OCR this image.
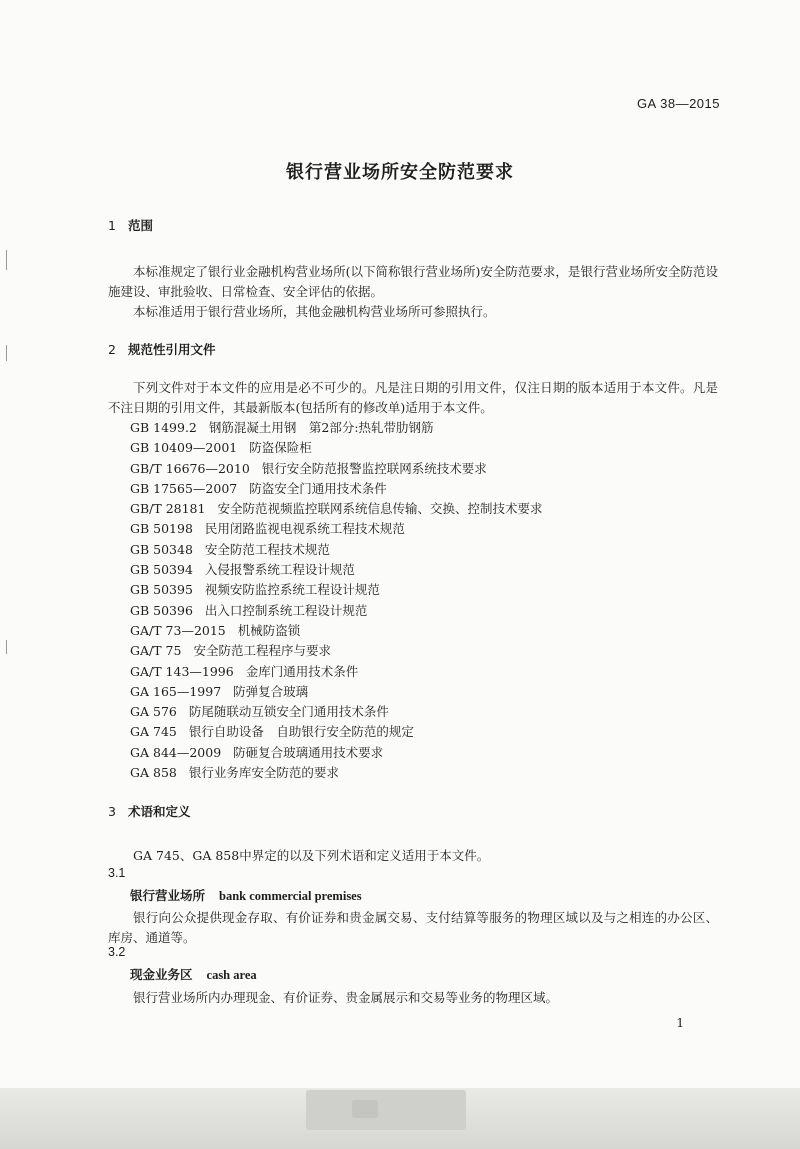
GA 38—2015
银行营业场所安全防范要求
1 范围
本标准规定了银行业金融机构营业场所(以下简称银行营业场所)安全防范要求，是银行营业场所安全防范设施建设、审批验收、日常检查、安全评估的依据。
本标准适用于银行营业场所，其他金融机构营业场所可参照执行。
2 规范性引用文件
下列文件对于本文件的应用是必不可少的。凡是注日期的引用文件，仅注日期的版本适用于本文件。凡是不注日期的引用文件，其最新版本(包括所有的修改单)适用于本文件。
GB 1499.2 钢筋混凝土用钢　第2部分:热轧带肋钢筋
GB 10409—2001 防盗保险柜
GB/T 16676—2010 银行安全防范报警监控联网系统技术要求
GB 17565—2007 防盗安全门通用技术条件
GB/T 28181 安全防范视频监控联网系统信息传输、交换、控制技术要求
GB 50198 民用闭路监视电视系统工程技术规范
GB 50348 安全防范工程技术规范
GB 50394 入侵报警系统工程设计规范
GB 50395 视频安防监控系统工程设计规范
GB 50396 出入口控制系统工程设计规范
GA/T 73—2015 机械防盗锁
GA/T 75 安全防范工程程序与要求
GA/T 143—1996 金库门通用技术条件
GA 165—1997 防弹复合玻璃
GA 576 防尾随联动互锁安全门通用技术条件
GA 745 银行自助设备　自助银行安全防范的规定
GA 844—2009 防砸复合玻璃通用技术要求
GA 858 银行业务库安全防范的要求
3 术语和定义
GA 745、GA 858中界定的以及下列术语和定义适用于本文件。
3.1
银行营业场所 bank commercial premises
银行向公众提供现金存取、有价证券和贵金属交易、支付结算等服务的物理区域以及与之相连的办公区、库房、通道等。
3.2
现金业务区 cash area
银行营业场所内办理现金、有价证券、贵金属展示和交易等业务的物理区域。
1
